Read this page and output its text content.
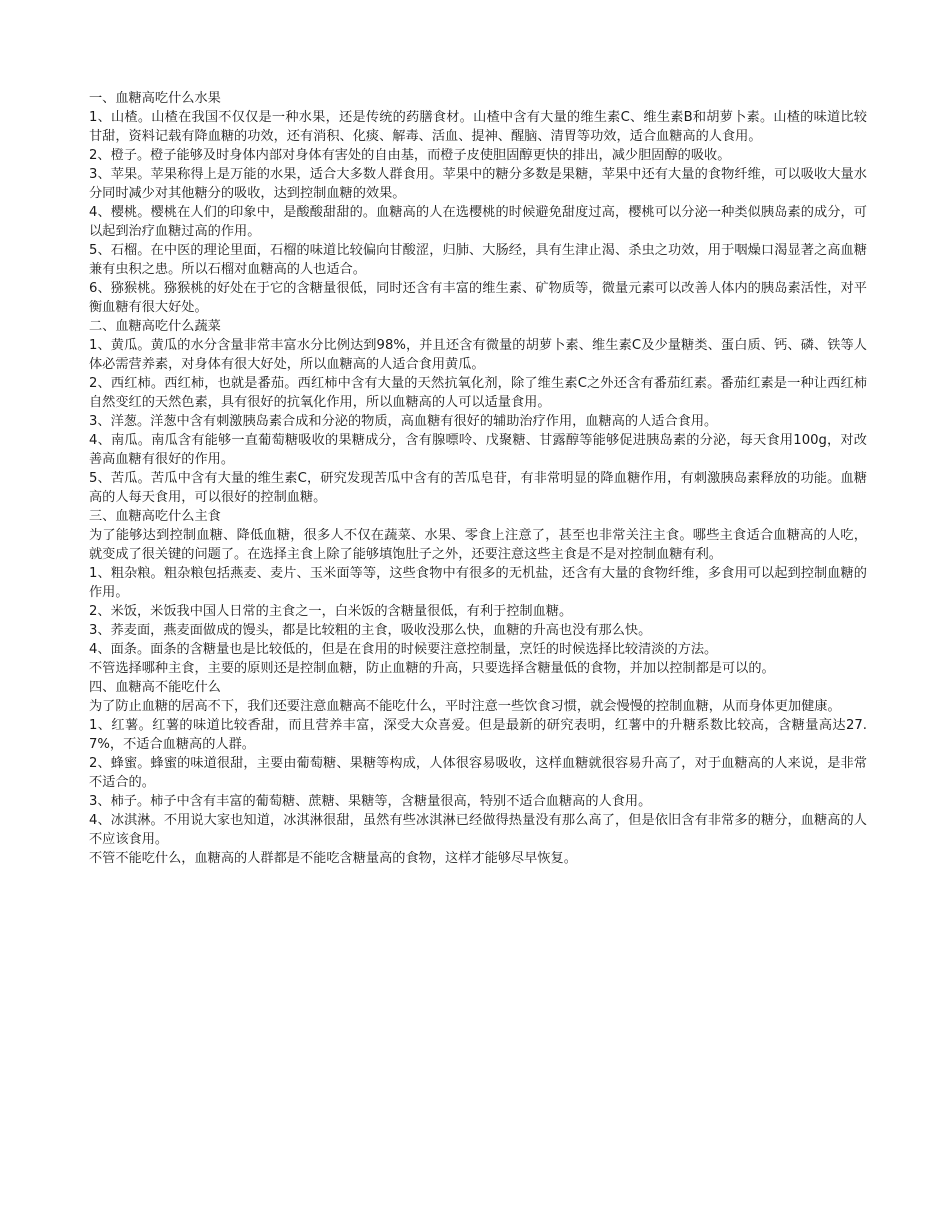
一、血糖高吃什么水果

1、山楂。山楂在我国不仅仅是一种水果，还是传统的药膳食材。山楂中含有大量的维生素C、维生素B和胡萝卜素。山楂的味道比较甘甜，资料记载有降血糖的功效，还有消积、化痰、解毒、活血、提神、醒脑、清胃等功效，适合血糖高的人食用。

2、橙子。橙子能够及时身体内部对身体有害处的自由基，而橙子皮使胆固醇更快的排出，减少胆固醇的吸收。

3、苹果。苹果称得上是万能的水果，适合大多数人群食用。苹果中的糖分多数是果糖，苹果中还有大量的食物纤维，可以吸收大量水分同时减少对其他糖分的吸收，达到控制血糖的效果。

4、樱桃。樱桃在人们的印象中，是酸酸甜甜的。血糖高的人在选樱桃的时候避免甜度过高，樱桃可以分泌一种类似胰岛素的成分，可以起到治疗血糖过高的作用。

5、石榴。在中医的理论里面，石榴的味道比较偏向甘酸涩，归肺、大肠经，具有生津止渴、杀虫之功效，用于咽燥口渴显著之高血糖兼有虫积之患。所以石榴对血糖高的人也适合。

6、猕猴桃。猕猴桃的好处在于它的含糖量很低，同时还含有丰富的维生素、矿物质等，微量元素可以改善人体内的胰岛素活性，对平衡血糖有很大好处。

二、血糖高吃什么蔬菜

1、黄瓜。黄瓜的水分含量非常丰富水分比例达到98%，并且还含有微量的胡萝卜素、维生素C及少量糖类、蛋白质、钙、磷、铁等人体必需营养素，对身体有很大好处，所以血糖高的人适合食用黄瓜。

2、西红柿。西红柿，也就是番茄。西红柿中含有大量的天然抗氧化剂，除了维生素C之外还含有番茄红素。番茄红素是一种让西红柿自然变红的天然色素，具有很好的抗氧化作用，所以血糖高的人可以适量食用。

3、洋葱。洋葱中含有刺激胰岛素合成和分泌的物质，高血糖有很好的辅助治疗作用，血糖高的人适合食用。

4、南瓜。南瓜含有能够一直葡萄糖吸收的果糖成分，含有腺嘌呤、戊聚糖、甘露醇等能够促进胰岛素的分泌，每天食用100g，对改善高血糖有很好的作用。

5、苦瓜。苦瓜中含有大量的维生素C，研究发现苦瓜中含有的苦瓜皂苷，有非常明显的降血糖作用，有刺激胰岛素释放的功能。血糖高的人每天食用，可以很好的控制血糖。

三、血糖高吃什么主食

为了能够达到控制血糖、降低血糖，很多人不仅在蔬菜、水果、零食上注意了，甚至也非常关注主食。哪些主食适合血糖高的人吃，就变成了很关键的问题了。在选择主食上除了能够填饱肚子之外，还要注意这些主食是不是对控制血糖有利。

1、粗杂粮。粗杂粮包括燕麦、麦片、玉米面等等，这些食物中有很多的无机盐，还含有大量的食物纤维，多食用可以起到控制血糖的作用。

2、米饭，米饭我中国人日常的主食之一，白米饭的含糖量很低，有利于控制血糖。

3、荞麦面，燕麦面做成的馒头，都是比较粗的主食，吸收没那么快，血糖的升高也没有那么快。

4、面条。面条的含糖量也是比较低的，但是在食用的时候要注意控制量，烹饪的时候选择比较清淡的方法。

不管选择哪种主食，主要的原则还是控制血糖，防止血糖的升高，只要选择含糖量低的食物，并加以控制都是可以的。

四、血糖高不能吃什么

为了防止血糖的居高不下，我们还要注意血糖高不能吃什么，平时注意一些饮食习惯，就会慢慢的控制血糖，从而身体更加健康。

1、红薯。红薯的味道比较香甜，而且营养丰富，深受大众喜爱。但是最新的研究表明，红薯中的升糖系数比较高，含糖量高达27.7%，不适合血糖高的人群。

2、蜂蜜。蜂蜜的味道很甜，主要由葡萄糖、果糖等构成，人体很容易吸收，这样血糖就很容易升高了，对于血糖高的人来说，是非常不适合的。

3、柿子。柿子中含有丰富的葡萄糖、蔗糖、果糖等，含糖量很高，特别不适合血糖高的人食用。

4、冰淇淋。不用说大家也知道，冰淇淋很甜，虽然有些冰淇淋已经做得热量没有那么高了，但是依旧含有非常多的糖分，血糖高的人不应该食用。

不管不能吃什么，血糖高的人群都是不能吃含糖量高的食物，这样才能够尽早恢复。
